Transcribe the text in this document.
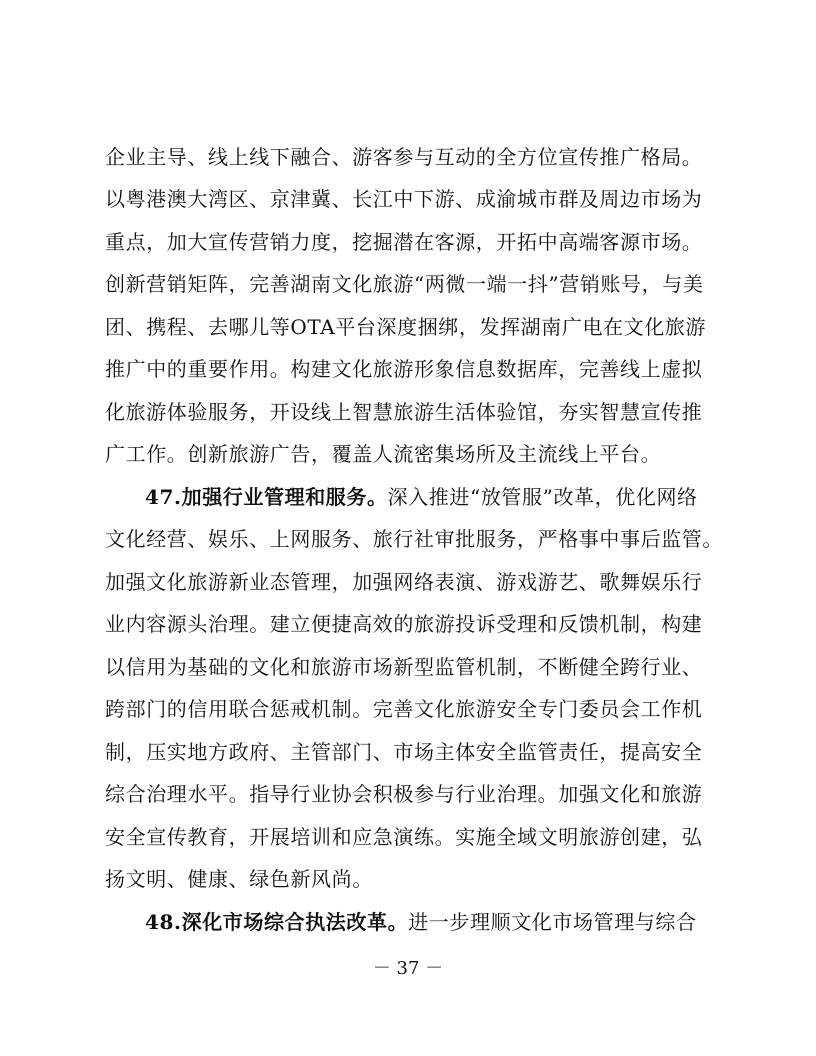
企业主导、线上线下融合、游客参与互动的全方位宣传推广格局。
以粤港澳大湾区、京津冀、长江中下游、成渝城市群及周边市场为
重点，加大宣传营销力度，挖掘潜在客源，开拓中高端客源市场。
创新营销矩阵，完善湖南文化旅游“两微一端一抖”营销账号，与美
团、携程、去哪儿等OTA平台深度捆绑，发挥湖南广电在文化旅游
推广中的重要作用。构建文化旅游形象信息数据库，完善线上虚拟
化旅游体验服务，开设线上智慧旅游生活体验馆，夯实智慧宣传推
广工作。创新旅游广告，覆盖人流密集场所及主流线上平台。
47.加强行业管理和服务。深入推进“放管服”改革，优化网络
文化经营、娱乐、上网服务、旅行社审批服务，严格事中事后监管。
加强文化旅游新业态管理，加强网络表演、游戏游艺、歌舞娱乐行
业内容源头治理。建立便捷高效的旅游投诉受理和反馈机制，构建
以信用为基础的文化和旅游市场新型监管机制，不断健全跨行业、
跨部门的信用联合惩戒机制。完善文化旅游安全专门委员会工作机
制，压实地方政府、主管部门、市场主体安全监管责任，提高安全
综合治理水平。指导行业协会积极参与行业治理。加强文化和旅游
安全宣传教育，开展培训和应急演练。实施全域文明旅游创建，弘
扬文明、健康、绿色新风尚。
48.深化市场综合执法改革。进一步理顺文化市场管理与综合
－ 37 －
